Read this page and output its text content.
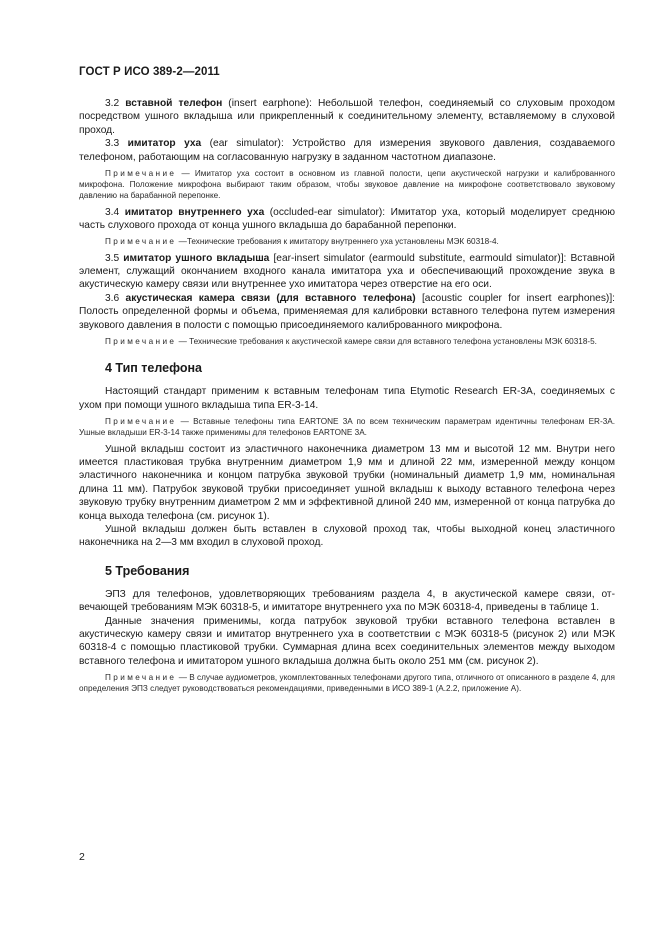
ГОСТ Р ИСО 389-2—2011

3.2 вставной телефон (insert earphone): Небольшой телефон, соединяемый со слуховым проходом посредством ушного вкладыша или прикрепленный к соединительному элементу, вставляемому в слуховой проход.

3.3 имитатор уха (ear simulator): Устройство для измерения звукового давления, создаваемого телефоном, работающим на согласованную нагрузку в заданном частотном диапазоне.

Примечание — Имитатор уха состоит в основном из главной полости, цепи акустической нагрузки и калиброванного микрофона. Положение микрофона выбирают таким образом, чтобы звуковое давление на микрофоне соответствовало звуковому давлению на барабанной перепонке.

3.4 имитатор внутреннего уха (occluded-ear simulator): Имитатор уха, который моделирует среднюю часть слухового прохода от конца ушного вкладыша до барабанной перепонки.

Примечание —Технические требования к имитатору внутреннего уха установлены МЭК 60318-4.

3.5 имитатор ушного вкладыша [ear-insert simulator (earmould substitute, earmould simulator)]: Вставной элемент, служащий окончанием входного канала имитатора уха и обеспечивающий прохождение звука в акустическую камеру связи или внутреннее ухо имитатора через отверстие на его оси.

3.6 акустическая камера связи (для вставного телефона) [acoustic coupler for insert earphones)]: Полость определенной формы и объема, применяемая для калибровки вставного телефона путем измерения звукового давления в полости с помощью присоединяемого калиброванного микрофона.

Примечание — Технические требования к акустической камере связи для вставного телефона установлены МЭК 60318-5.

4 Тип телефона

Настоящий стандарт применим к вставным телефонам типа Etymotic Research ER-3A, соединяемых с ухом при помощи ушного вкладыша типа ER-3-14.

Примечание — Вставные телефоны типа EARTONE 3A по всем техническим параметрам идентичны телефонам ER-3A. Ушные вкладыши ER-3-14 также применимы для телефонов EARTONE 3A.

Ушной вкладыш состоит из эластичного наконечника диаметром 13 мм и высотой 12 мм. Внутри него имеется пластиковая трубка внутренним диаметром 1,9 мм и длиной 22 мм, измеренной между концом эластичного наконечника и концом патрубка звуковой трубки (номинальный диаметр 1,9 мм, номинальная длина 11 мм). Патрубок звуковой трубки присоединяет ушной вкладыш к выходу вставного телефона через звуковую трубку внутренним диаметром 2 мм и эффективной длиной 240 мм, измеренной от конца патрубка до конца выхода телефона (см. рисунок 1).

Ушной вкладыш должен быть вставлен в слуховой проход так, чтобы выходной конец эластичного наконечника на 2—3 мм входил в слуховой проход.

5 Требования

ЭПЗ для телефонов, удовлетворяющих требованиям раздела 4, в акустической камере связи, отвечающей требованиям МЭК 60318-5, и имитаторе внутреннего уха по МЭК 60318-4, приведены в таблице 1.

Данные значения применимы, когда патрубок звуковой трубки вставного телефона вставлен в акустическую камеру связи и имитатор внутреннего уха в соответствии с МЭК 60318-5 (рисунок 2) или МЭК 60318-4 с помощью пластиковой трубки. Суммарная длина всех соединительных элементов между выходом вставного телефона и имитатором ушного вкладыша должна быть около 251 мм (см. рисунок 2).

Примечание — В случае аудиометров, укомплектованных телефонами другого типа, отличного от описанного в разделе 4, для определения ЭПЗ следует руководствоваться рекомендациями, приведенными в ИСО 389-1 (A.2.2, приложение A).

2
